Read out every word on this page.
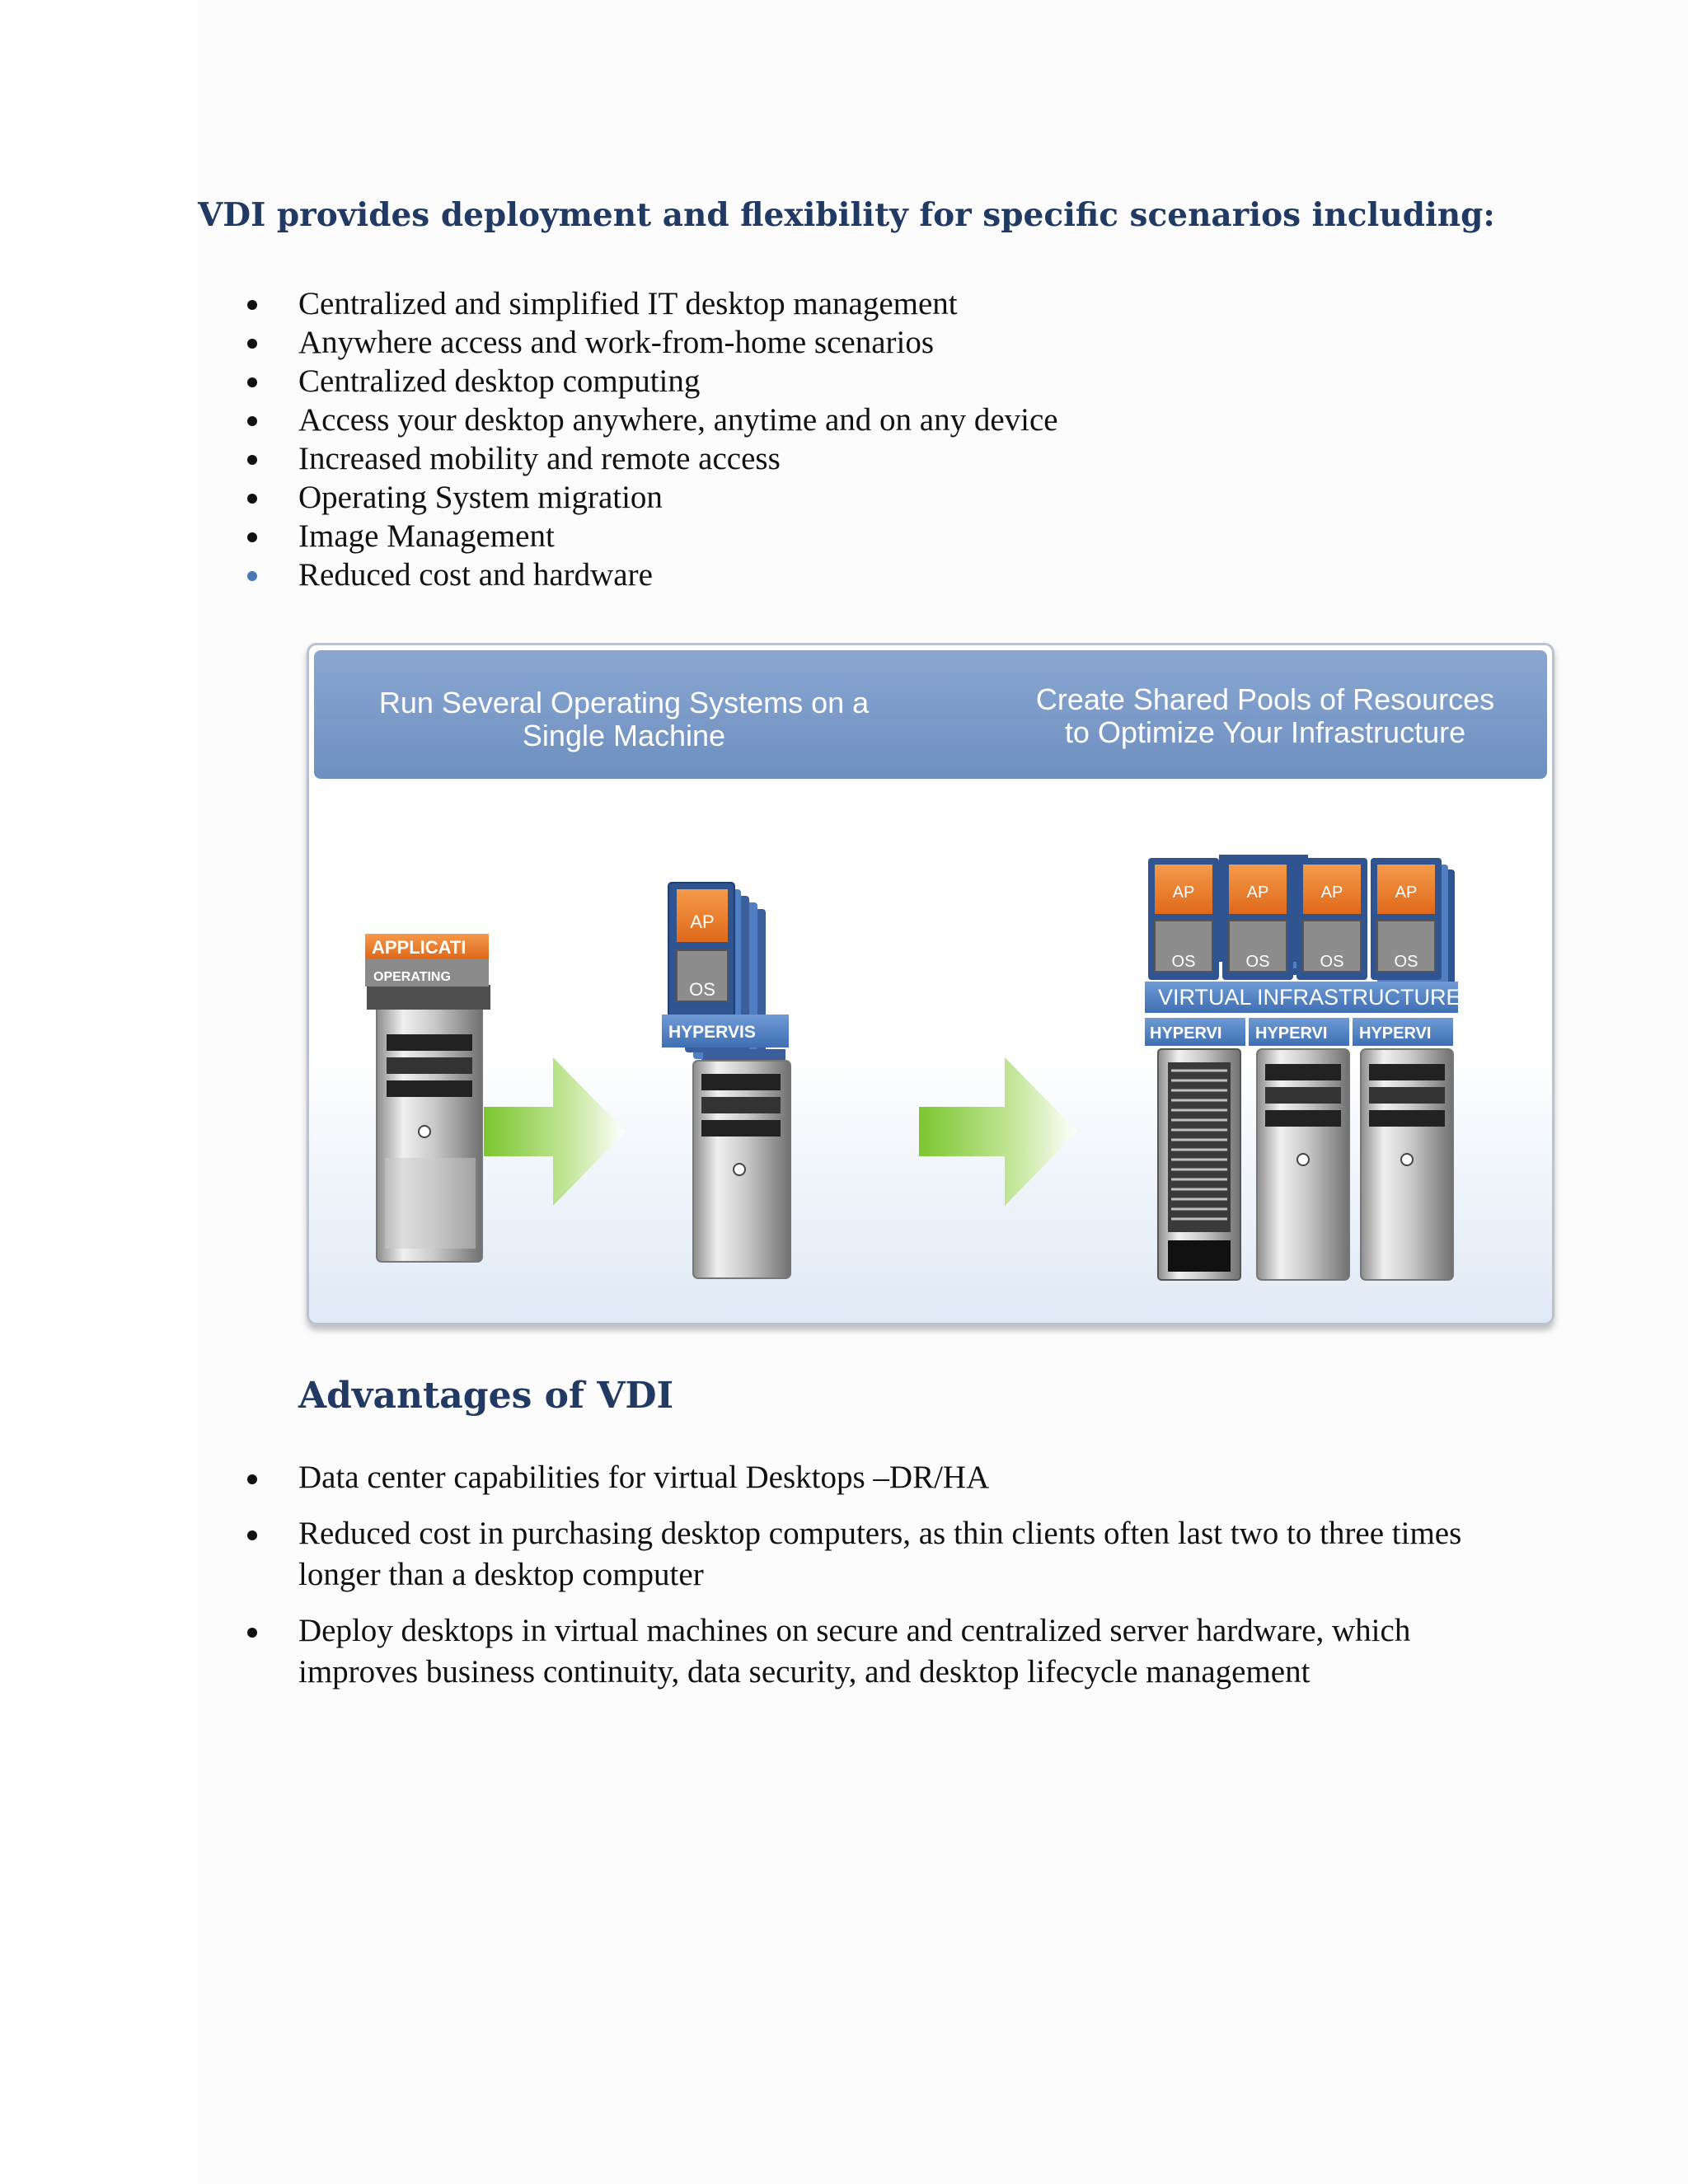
VDI provides deployment and flexibility for specific scenarios including:
Centralized and simplified IT desktop management
Anywhere access and work-from-home scenarios
Centralized desktop computing
Access your desktop anywhere, anytime and on any device
Increased mobility and remote access
Operating System migration
Image Management
Reduced cost and hardware
Run Several Operating Systems on a
Single Machine
Create Shared Pools of Resources
to Optimize Your Infrastructure
APPLICATI
OPERATING
AP
OS
HYPERVIS
AP
OS
AP
OS
AP
OS
AP
OS
VIRTUAL INFRASTRUCTURE
HYPERVI HYPERVI HYPERVI
Advantages of VDI
Data center capabilities for virtual Desktops –DR/HA
Reduced cost in purchasing desktop computers, as thin clients often last two to three times longer than a desktop computer
Deploy desktops in virtual machines on secure and centralized server hardware, which improves business continuity, data security, and desktop lifecycle management
